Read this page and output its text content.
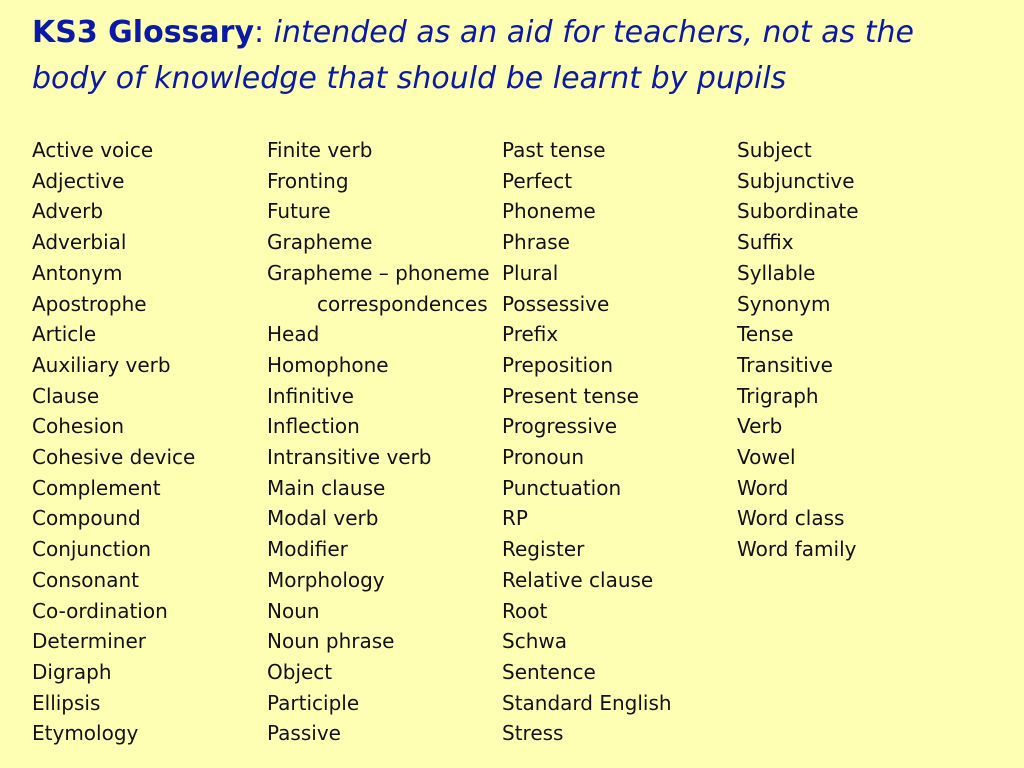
KS3 Glossary: intended as an aid for teachers, not as the body of knowledge that should be learnt by pupils
Active voice
Adjective
Adverb
Adverbial
Antonym
Apostrophe
Article
Auxiliary verb
Clause
Cohesion
Cohesive device
Complement
Compound
Conjunction
Consonant
Co-ordination
Determiner
Digraph
Ellipsis
Etymology
Finite verb
Fronting
Future
Grapheme
Grapheme – phoneme
correspondences
Head
Homophone
Infinitive
Inflection
Intransitive verb
Main clause
Modal verb
Modifier
Morphology
Noun
Noun phrase
Object
Participle
Passive
Past tense
Perfect
Phoneme
Phrase
Plural
Possessive
Prefix
Preposition
Present tense
Progressive
Pronoun
Punctuation
RP
Register
Relative clause
Root
Schwa
Sentence
Standard English
Stress
Subject
Subjunctive
Subordinate
Suffix
Syllable
Synonym
Tense
Transitive
Trigraph
Verb
Vowel
Word
Word class
Word family
